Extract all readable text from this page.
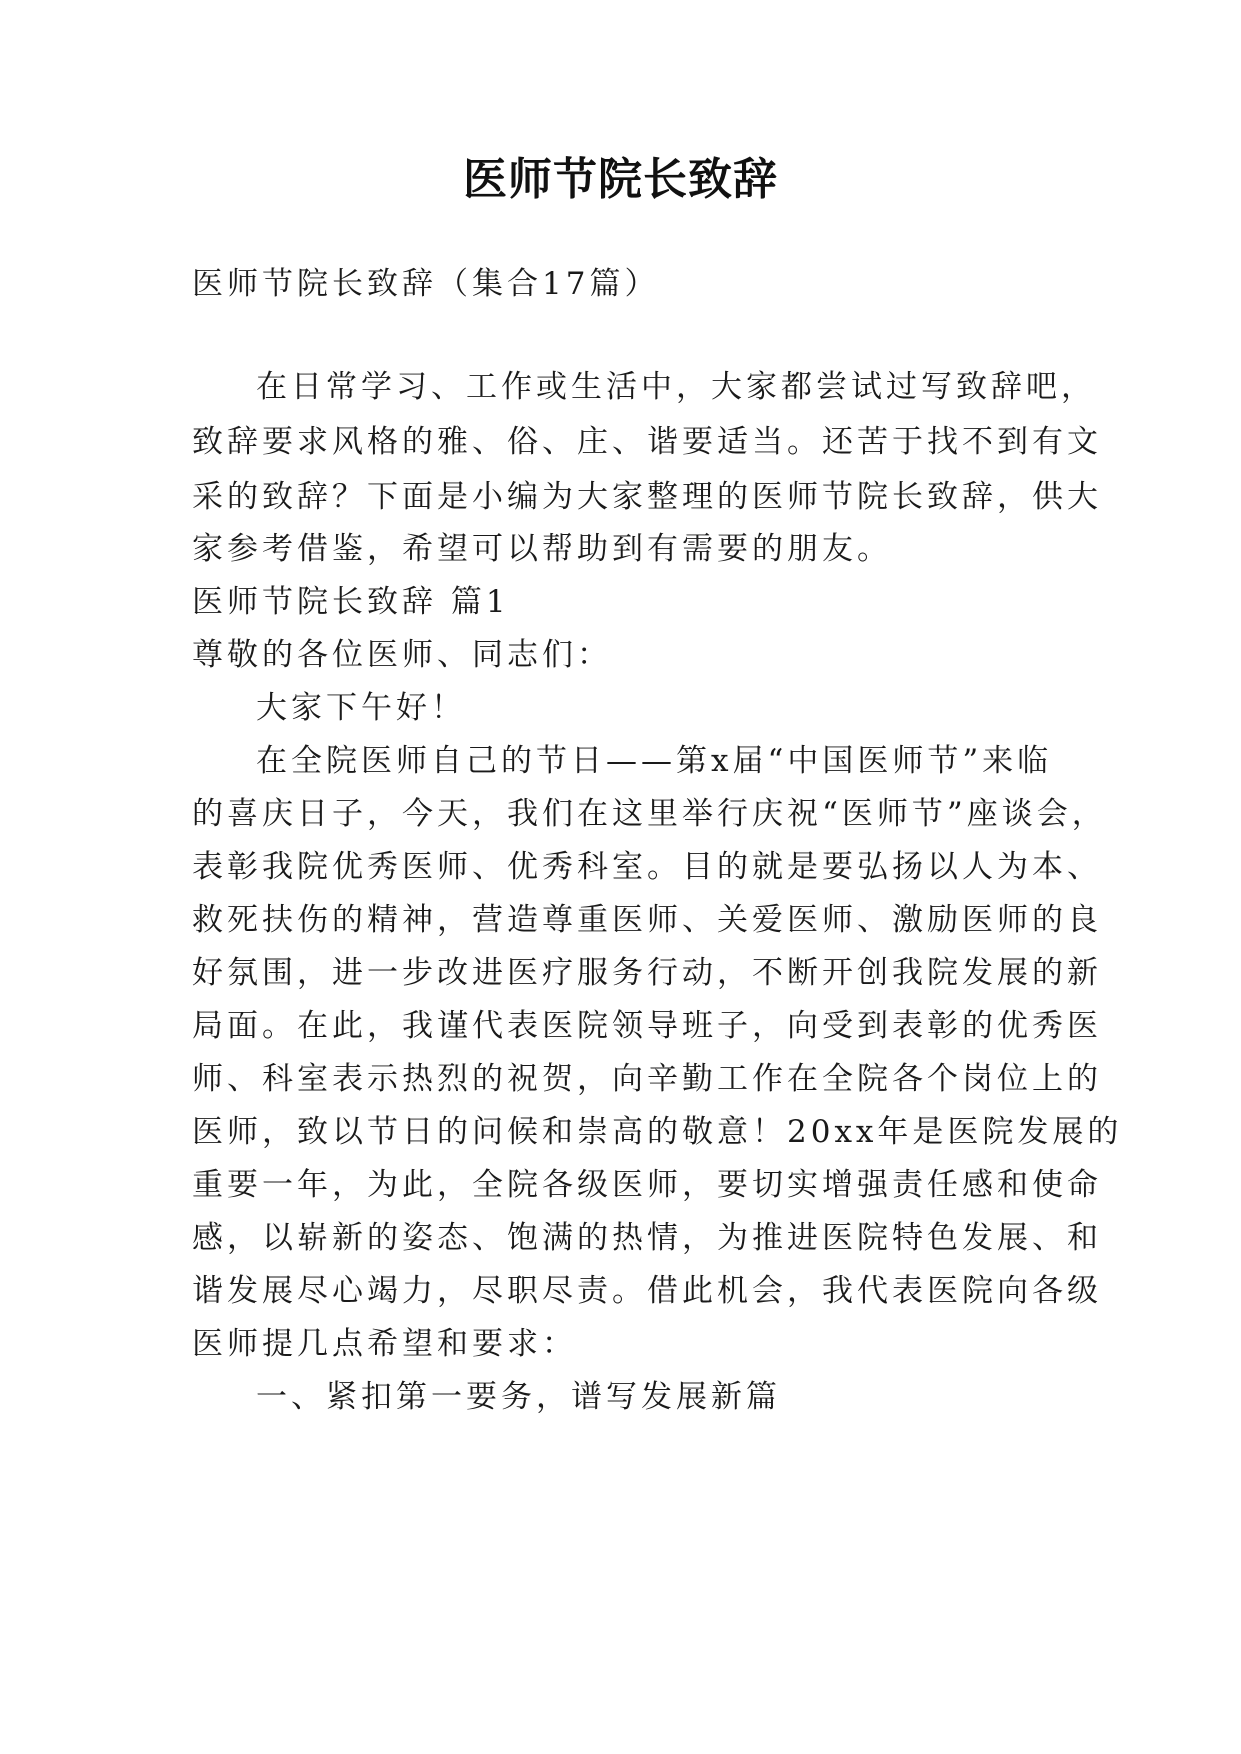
医师节院长致辞
医师节院长致辞（集合17篇）
在日常学习、工作或生活中，大家都尝试过写致辞吧，
致辞要求风格的雅、俗、庄、谐要适当。还苦于找不到有文
采的致辞？下面是小编为大家整理的医师节院长致辞，供大
家参考借鉴，希望可以帮助到有需要的朋友。
医师节院长致辞 篇1
尊敬的各位医师、同志们：
大家下午好！
在全院医师自己的节日——第x届“中国医师节”来临
的喜庆日子，今天，我们在这里举行庆祝“医师节”座谈会，
表彰我院优秀医师、优秀科室。目的就是要弘扬以人为本、
救死扶伤的精神，营造尊重医师、关爱医师、激励医师的良
好氛围，进一步改进医疗服务行动，不断开创我院发展的新
局面。在此，我谨代表医院领导班子，向受到表彰的优秀医
师、科室表示热烈的祝贺，向辛勤工作在全院各个岗位上的
医师，致以节日的问候和崇高的敬意！20xx年是医院发展的
重要一年，为此，全院各级医师，要切实增强责任感和使命
感，以崭新的姿态、饱满的热情，为推进医院特色发展、和
谐发展尽心竭力，尽职尽责。借此机会，我代表医院向各级
医师提几点希望和要求：
一、紧扣第一要务，谱写发展新篇
